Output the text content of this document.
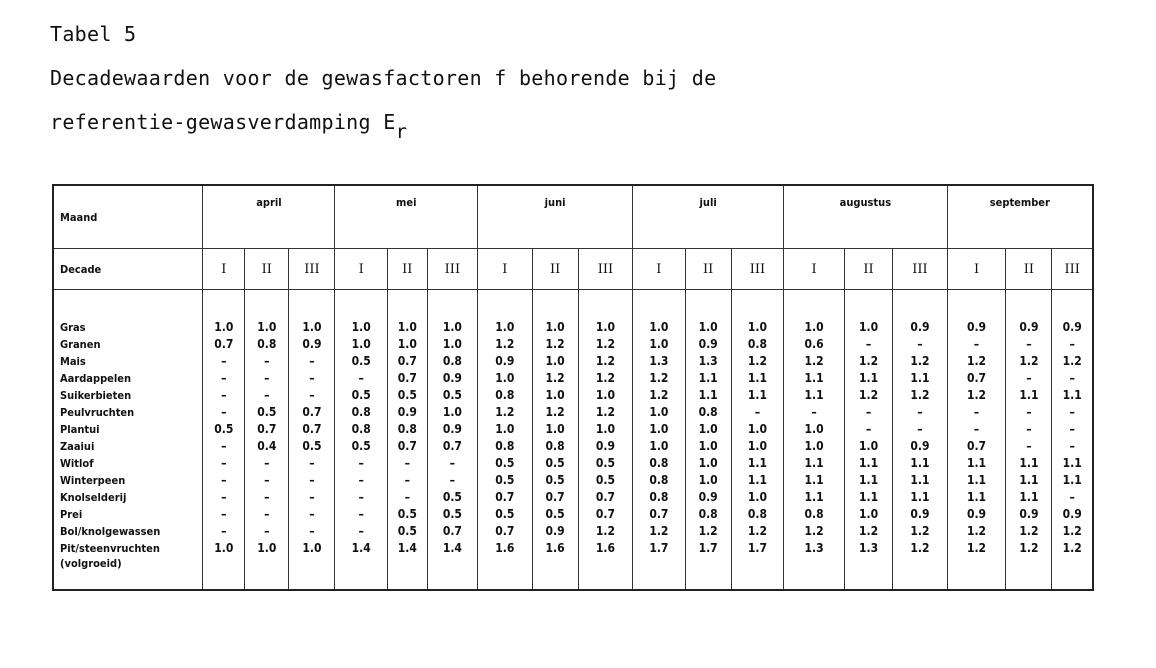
Tabel 5
Decadewaarden voor de gewasfactoren f behorende bij de
referentie-gewasverdamping $E_r$
Maand	april			mei			juni			juli			augustus			september		
Decade	I	II	III	I	II	III	I	II	III	I	II	III	I	II	III	I	II	III

Gras	1.0	1.0	1.0	1.0	1.0	1.0	1.0	1.0	1.0	1.0	1.0	1.0	1.0	1.0	0.9	0.9	0.9	0.9
Granen	0.7	0.8	0.9	1.0	1.0	1.0	1.2	1.2	1.2	1.0	0.9	0.8	0.6	–	–	–	–	–
Mais	–	–	–	0.5	0.7	0.8	0.9	1.0	1.2	1.3	1.3	1.2	1.2	1.2	1.2	1.2	1.2	1.2
Aardappelen	–	–	–	–	0.7	0.9	1.0	1.2	1.2	1.2	1.1	1.1	1.1	1.1	1.1	0.7	–	–
Suikerbieten	–	–	–	0.5	0.5	0.5	0.8	1.0	1.0	1.2	1.1	1.1	1.1	1.2	1.2	1.2	1.1	1.1
Peulvruchten	–	0.5	0.7	0.8	0.9	1.0	1.2	1.2	1.2	1.0	0.8	–	–	–	–	–	–	–
Plantui	0.5	0.7	0.7	0.8	0.8	0.9	1.0	1.0	1.0	1.0	1.0	1.0	1.0	–	–	–	–	–
Zaaiui	–	0.4	0.5	0.5	0.7	0.7	0.8	0.8	0.9	1.0	1.0	1.0	1.0	1.0	0.9	0.7	–	–
Witlof	–	–	–	–	–	–	0.5	0.5	0.5	0.8	1.0	1.1	1.1	1.1	1.1	1.1	1.1	1.1
Winterpeen	–	–	–	–	–	–	0.5	0.5	0.5	0.8	1.0	1.1	1.1	1.1	1.1	1.1	1.1	1.1
Knolselderij	–	–	–	–	–	0.5	0.7	0.7	0.7	0.8	0.9	1.0	1.1	1.1	1.1	1.1	1.1	–
Prei	–	–	–	–	0.5	0.5	0.5	0.5	0.7	0.7	0.8	0.8	0.8	1.0	0.9	0.9	0.9	0.9
Bol/knolgewassen	–	–	–	–	0.5	0.7	0.7	0.9	1.2	1.2	1.2	1.2	1.2	1.2	1.2	1.2	1.2	1.2
Pit/steenvruchten
(volgroeid)	1.0	1.0	1.0	1.4	1.4	1.4	1.6	1.6	1.6	1.7	1.7	1.7	1.3	1.3	1.2	1.2	1.2	1.2
